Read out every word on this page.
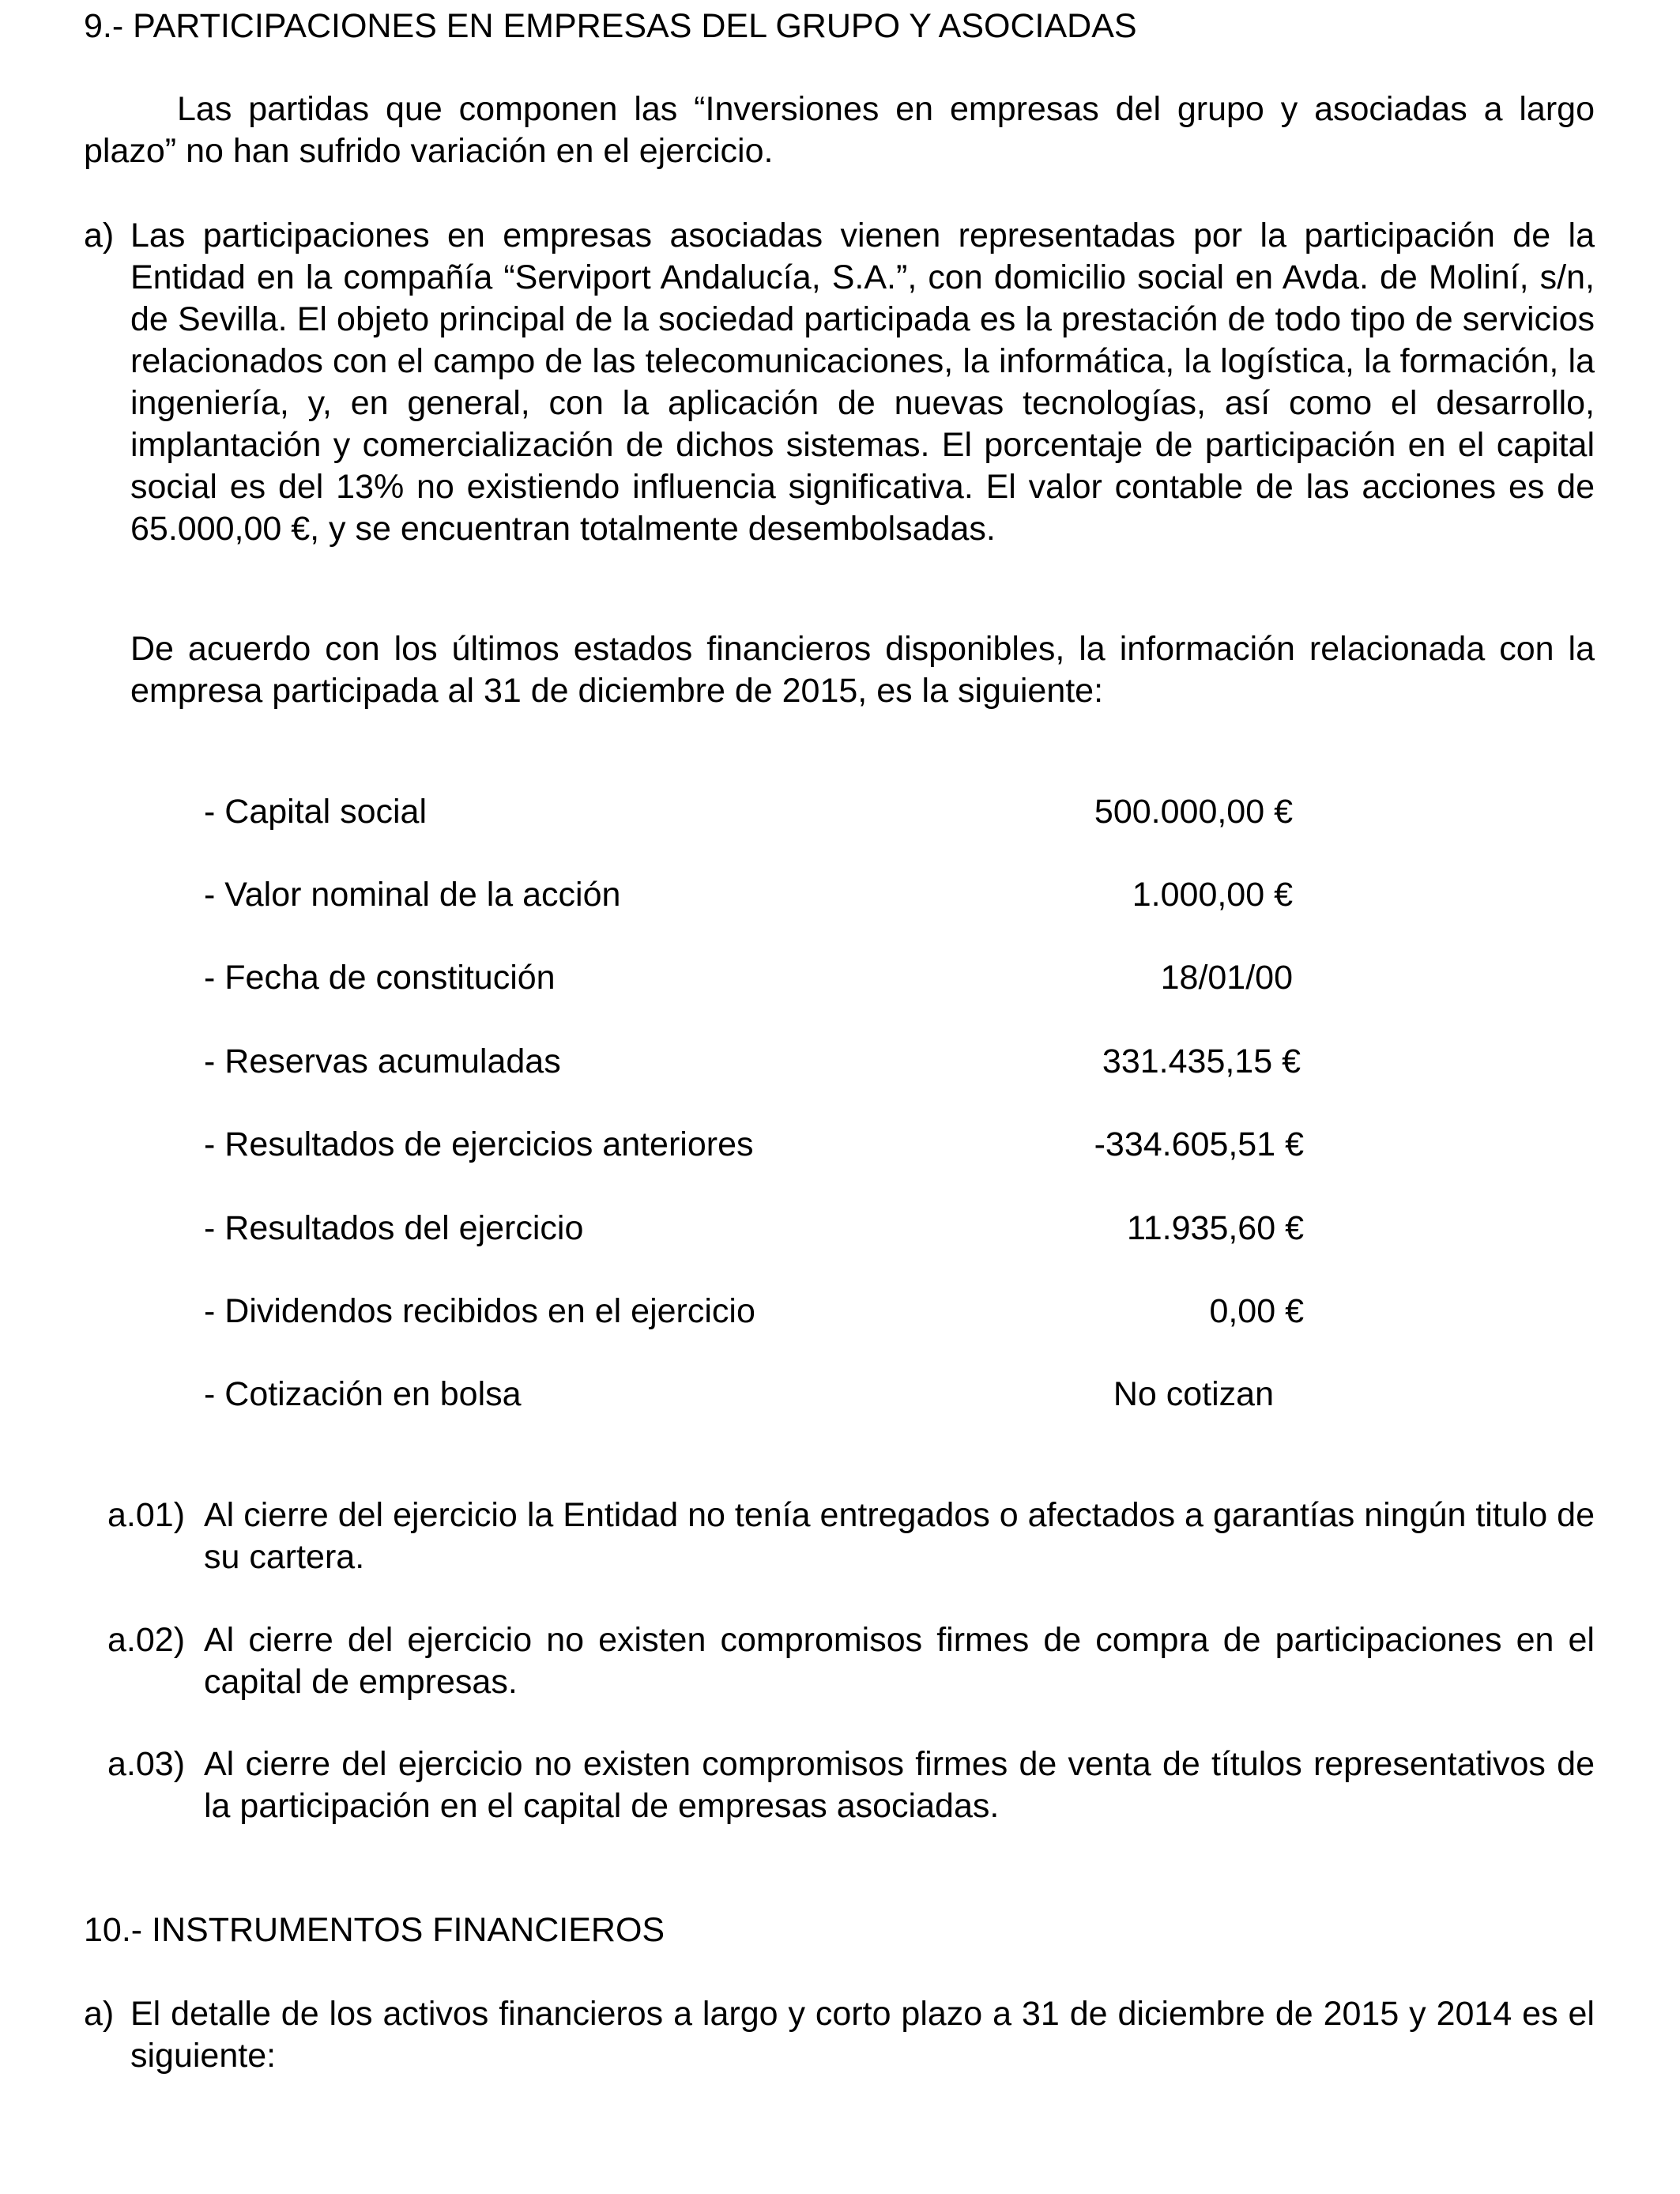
9.- PARTICIPACIONES EN EMPRESAS DEL GRUPO Y ASOCIADAS
Las partidas que componen las “Inversiones en empresas del grupo y asociadas a largo plazo” no han sufrido variación en el ejercicio.
a) Las participaciones en empresas asociadas vienen representadas por la participación de la Entidad en la compañía “Serviport Andalucía, S.A.”, con domicilio social en Avda. de Moliní, s/n, de Sevilla. El objeto principal de la sociedad participada es la prestación de todo tipo de servicios relacionados con el campo de las telecomunicaciones, la informática, la logística, la formación, la ingeniería, y, en general, con la aplicación de nuevas tecnologías, así como el desarrollo, implantación y comercialización de dichos sistemas. El porcentaje de participación en el capital social es del 13% no existiendo influencia significativa. El valor contable de las acciones es de 65.000,00 €, y se encuentran totalmente desembolsadas.
De acuerdo con los últimos estados financieros disponibles, la información relacionada con la empresa participada al 31 de diciembre de 2015, es la siguiente:
- Capital social	500.000,00 €
- Valor nominal de la acción	1.000,00 €
- Fecha de constitución	18/01/00
- Reservas acumuladas	331.435,15 €
- Resultados de ejercicios anteriores	-334.605,51 €
- Resultados del ejercicio	11.935,60 €
- Dividendos recibidos en el ejercicio	0,00 €
- Cotización en bolsa	No cotizan
a.01) Al cierre del ejercicio la Entidad no tenía entregados o afectados a garantías ningún titulo de su cartera.
a.02) Al cierre del ejercicio no existen compromisos firmes de compra de participaciones en el capital de empresas.
a.03) Al cierre del ejercicio no existen compromisos firmes de venta de títulos representativos de la participación en el capital de empresas asociadas.
10.- INSTRUMENTOS FINANCIEROS
a) El detalle de los activos financieros a largo y corto plazo a 31 de diciembre de 2015 y 2014 es el siguiente:
